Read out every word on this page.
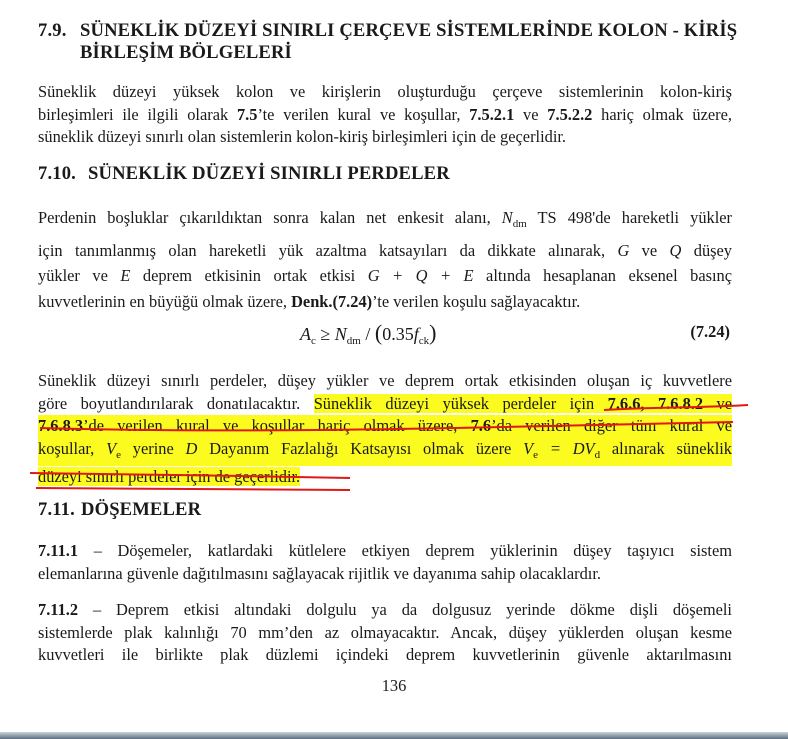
7.9. SÜNEKLİK DÜZEYİ SINIRLI ÇERÇEVE SİSTEMLERİNDE KOLON - KİRİŞ
BİRLEŞİM BÖLGELERİ
Süneklik düzeyi yüksek kolon ve kirişlerin oluşturduğu çerçeve sistemlerinin kolon-kiriş
birleşimleri ile ilgili olarak 7.5’te verilen kural ve koşullar, 7.5.2.1 ve 7.5.2.2 hariç olmak üzere,
süneklik düzeyi sınırlı olan sistemlerin kolon-kiriş birleşimleri için de geçerlidir.
7.10. SÜNEKLİK DÜZEYİ SINIRLI PERDELER
Perdenin boşluklar çıkarıldıktan sonra kalan net enkesit alanı, $N_{dm}$ TS 498'de hareketli yükler
için tanımlanmış olan hareketli yük azaltma katsayıları da dikkate alınarak, G ve Q düşey
yükler ve E deprem etkisinin ortak etkisi G + Q + E altında hesaplanan eksenel basınç
kuvvetlerinin en büyüğü olmak üzere, Denk.(7.24)’te verilen koşulu sağlayacaktır.
$A_c \ge N_{dm} / (0.35f_{ck})$	(7.24)
Süneklik düzeyi sınırlı perdeler, düşey yükler ve deprem ortak etkisinden oluşan iç kuvvetlere
göre boyutlandırılarak donatılacaktır. Süneklik düzeyi yüksek perdeler için 7.6.6, 7.6.8.2 ve
7.6.8.3’de verilen kural ve koşullar hariç olmak üzere, 7.6’da verilen diğer tüm kural ve
koşullar, $V_e$ yerine D Dayanım Fazlalığı Katsayısı olmak üzere $V_e = DV_d$ alınarak süneklik
düzeyi sınırlı perdeler için de geçerlidir.
7.11. DÖŞEMELER
7.11.1 – Döşemeler, katlardaki kütlelere etkiyen deprem yüklerinin düşey taşıyıcı sistem
elemanlarına güvenle dağıtılmasını sağlayacak rijitlik ve dayanıma sahip olacaklardır.
7.11.2 – Deprem etkisi altındaki dolgulu ya da dolgusuz yerinde dökme dişli döşemeli
sistemlerde plak kalınlığı 70 mm’den az olmayacaktır. Ancak, düşey yüklerden oluşan kesme
kuvvetleri ile birlikte plak düzlemi içindeki deprem kuvvetlerinin güvenle aktarılmasını
136
